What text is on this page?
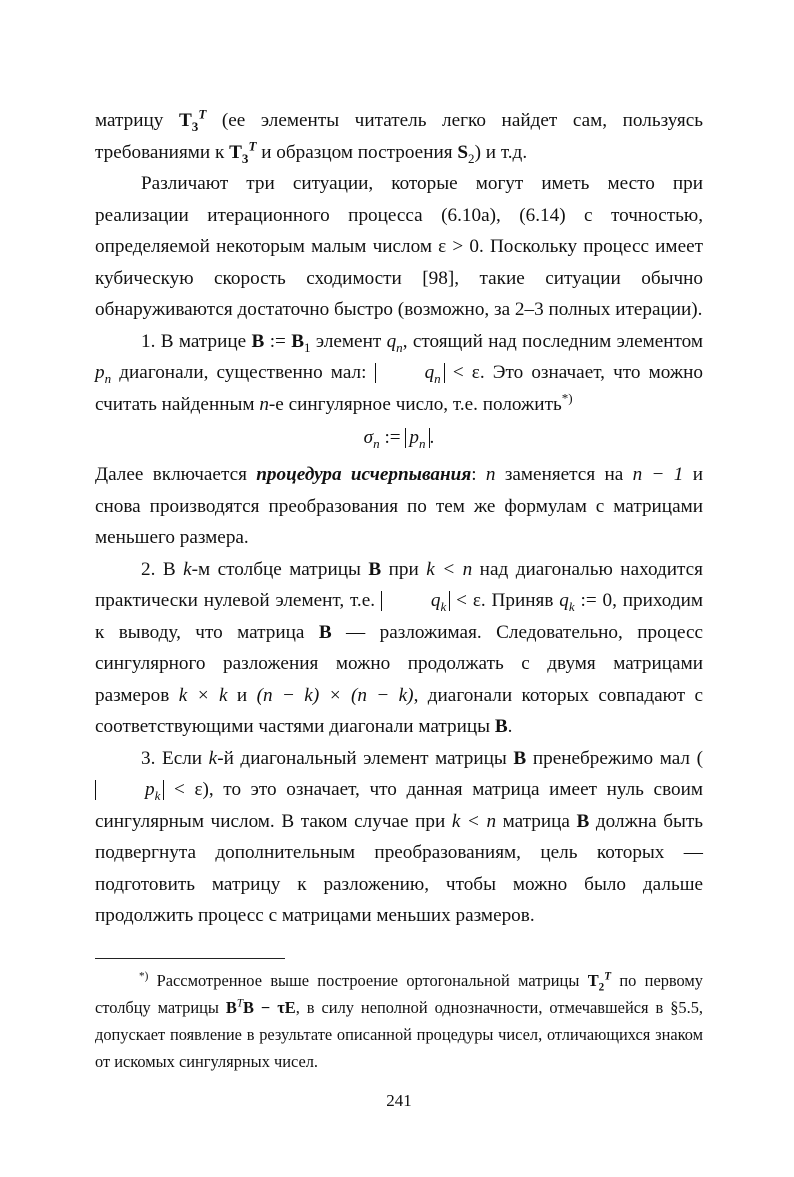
матрицу $T_3^T$ (ее элементы читатель легко найдет сам, пользуясь требованиями к $T_3^T$ и образцом построения $S_2$) и т.д.

Различают три ситуации, которые могут иметь место при реализации итерационного процесса (6.10а), (6.14) с точностью, определяемой некоторым малым числом ε > 0. Поскольку процесс имеет кубическую скорость сходимости [98], такие ситуации обычно обнаруживаются достаточно быстро (возможно, за 2–3 полных итерации).

1. В матрице B := $B_1$ элемент $q_n$, стоящий над последним элементом $p_n$ диагонали, существенно мал:	$q_n < \varepsilon$. Это означает, что можно считать найденным n-е сингулярное число, т.е. положить*)

$\sigma_n$ := $p_n$ .

Далее включается процедура исчерпывания: n заменяется на n − 1 и снова производятся преобразования по тем же формулам с матрицами меньшего размера.

2. В k-м столбце матрицы B при k < n над диагональю находится практически нулевой элемент, т.е.	$q_k < \varepsilon$. Приняв $q_k$ := 0, приходим к выводу, что матрица B — разложимая. Следовательно, процесс сингулярного разложения можно продолжать с двумя матрицами размеров k × k и (n − k) × (n − k), диагонали которых совпадают с соответствующими частями диагонали матрицы B.

3. Если k-й диагональный элемент матрицы B пренебрежимо мал $(p_k < \varepsilon)$, то это означает, что данная матрица имеет нуль своим сингулярным числом. В таком случае при k < n матрица B должна быть подвергнута дополнительным преобразованиям, цель которых — подготовить матрицу к разложению, чтобы можно было дальше продолжить процесс с матрицами меньших размеров.

*) Рассмотренное выше построение ортогональной матрицы $T_2^T$ по первому столбцу матрицы $B^TB - \tau E$, в силу неполной однозначности, отмечавшейся в §5.5, допускает появление в результате описанной процедуры чисел, отличающихся знаком от искомых сингулярных чисел.

241
